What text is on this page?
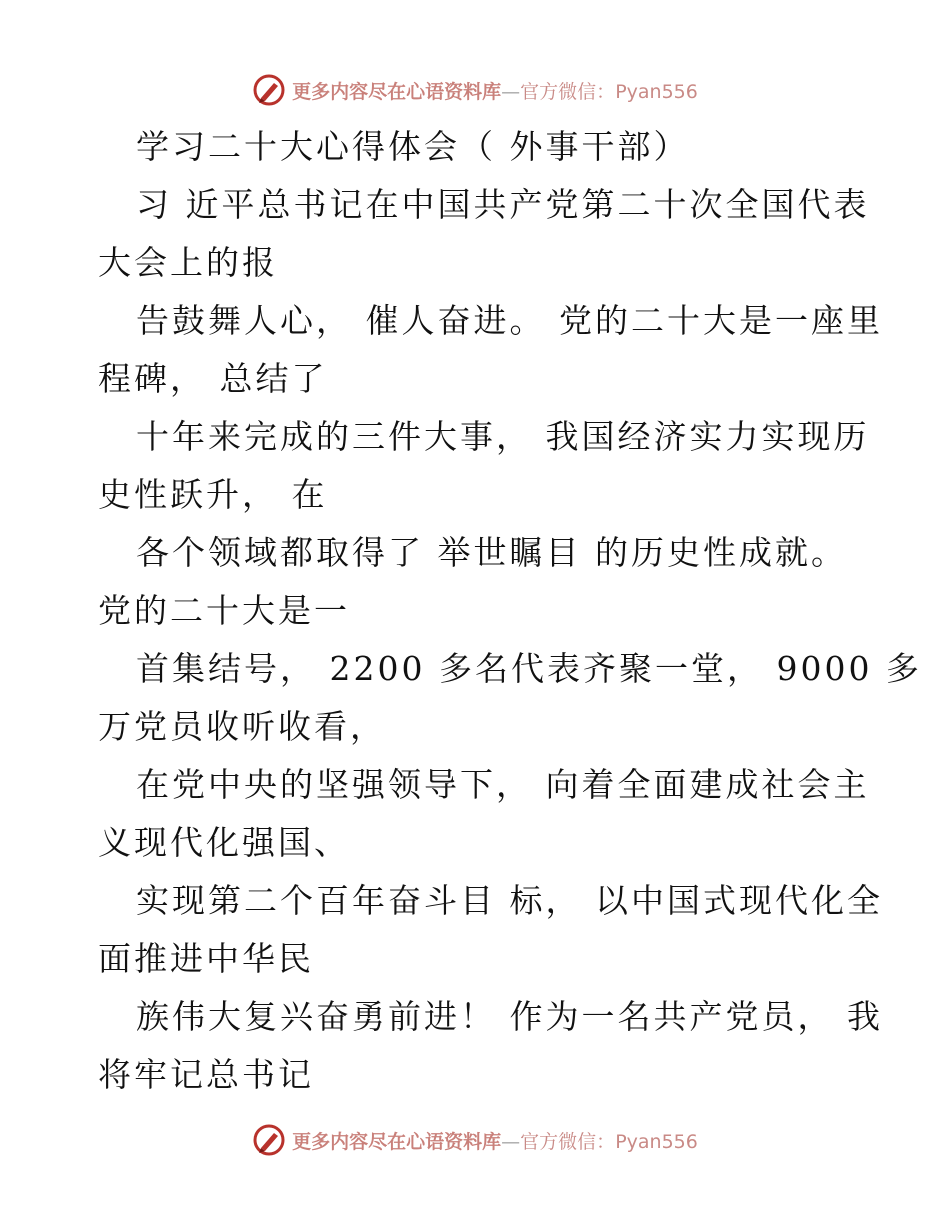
更多内容尽在心语资料库—官方微信：Pyan556
学习二十大心得体会（ 外事干部）
习 近平总书记在中国共产党第二十次全国代表
大会上的报
告鼓舞人心， 催人奋进。 党的二十大是一座里
程碑， 总结了
十年来完成的三件大事， 我国经济实力实现历
史性跃升， 在
各个领域都取得了 举世瞩目 的历史性成就。
党的二十大是一
首集结号， 2200 多名代表齐聚一堂， 9000 多
万党员收听收看，
在党中央的坚强领导下， 向着全面建成社会主
义现代化强国、
实现第二个百年奋斗目 标， 以中国式现代化全
面推进中华民
族伟大复兴奋勇前进！ 作为一名共产党员， 我
将牢记总书记
更多内容尽在心语资料库—官方微信：Pyan556
